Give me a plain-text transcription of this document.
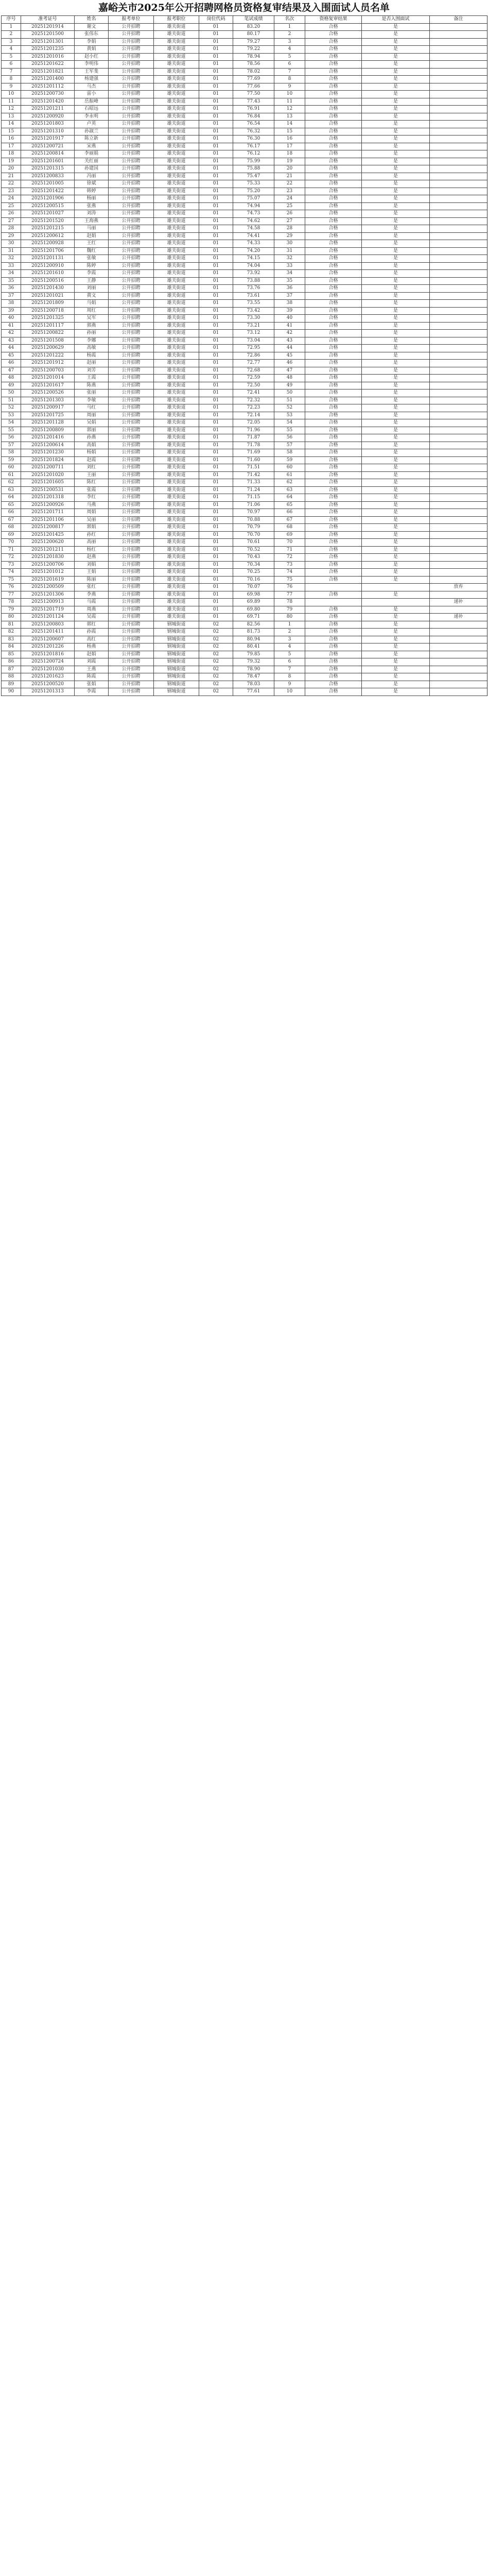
嘉峪关市2025年公开招聘网格员资格复审结果及入围面试人员名单
序号	准考证号	姓名	报考单位	报考职位	岗位代码	笔试成绩	名次	资格复审结果	是否入围面试	备注
1	20251201914	谢文	公开招聘	雄关街道	01	83.20	1	合格	是	
2	20251201500	张伟东	公开招聘	雄关街道	01	80.17	2	合格	是	
3	20251201301	李娟	公开招聘	雄关街道	01	79.27	3	合格	是	
4	20251201235	黄娟	公开招聘	雄关街道	01	79.22	4	合格	是	
5	20251201016	赵小红	公开招聘	雄关街道	01	78.94	5	合格	是	
6	20251201622	李明伟	公开招聘	雄关街道	01	78.56	6	合格	是	
7	20251201821	王军斐	公开招聘	雄关街道	01	78.02	7	合格	是	
8	20251201400	杨建强	公开招聘	雄关街道	01	77.69	8	合格	是	
9	20251201112	马杰	公开招聘	雄关街道	01	77.66	9	合格	是	
10	20251200730	雷小	公开招聘	雄关街道	01	77.50	10	合格	是	
11	20251201420	岳振峰	公开招聘	雄关街道	01	77.43	11	合格	是	
12	20251201211	石昭远	公开招聘	雄关街道	01	76.91	12	合格	是	
13	20251200920	李永明	公开招聘	雄关街道	01	76.84	13	合格	是	
14	20251201803	卢英	公开招聘	雄关街道	01	76.54	14	合格	是	
15	20251201310	孙淑兰	公开招聘	雄关街道	01	76.32	15	合格	是	
16	20251201917	陈立新	公开招聘	雄关街道	01	76.30	16	合格	是	
17	20251200721	宋燕	公开招聘	雄关街道	01	76.17	17	合格	是	
18	20251200814	李丽娟	公开招聘	雄关街道	01	76.12	18	合格	是	
19	20251201601	关红丽	公开招聘	雄关街道	01	75.99	19	合格	是	
20	20251201315	孙建国	公开招聘	雄关街道	01	75.88	20	合格	是	
21	20251200833	冯丽	公开招聘	雄关街道	01	75.47	21	合格	是	
22	20251201005	徐斌	公开招聘	雄关街道	01	75.33	22	合格	是	
23	20251201422	韩婷	公开招聘	雄关街道	01	75.20	23	合格	是	
24	20251201906	杨丽	公开招聘	雄关街道	01	75.07	24	合格	是	
25	20251200515	张燕	公开招聘	雄关街道	01	74.94	25	合格	是	
26	20251201027	刘涛	公开招聘	雄关街道	01	74.73	26	合格	是	
27	20251201520	王海燕	公开招聘	雄关街道	01	74.62	27	合格	是	
28	20251201215	马丽	公开招聘	雄关街道	01	74.58	28	合格	是	
29	20251200612	赵娟	公开招聘	雄关街道	01	74.41	29	合格	是	
30	20251200928	王红	公开招聘	雄关街道	01	74.33	30	合格	是	
31	20251201706	魏红	公开招聘	雄关街道	01	74.20	31	合格	是	
32	20251201131	张敏	公开招聘	雄关街道	01	74.15	32	合格	是	
33	20251200910	陈婷	公开招聘	雄关街道	01	74.04	33	合格	是	
34	20251201610	李霞	公开招聘	雄关街道	01	73.92	34	合格	是	
35	20251200516	王静	公开招聘	雄关街道	01	73.88	35	合格	是	
36	20251201430	刘丽	公开招聘	雄关街道	01	73.76	36	合格	是	
37	20251201021	黄文	公开招聘	雄关街道	01	73.61	37	合格	是	
38	20251201809	马娟	公开招聘	雄关街道	01	73.55	38	合格	是	
39	20251200718	周红	公开招聘	雄关街道	01	73.42	39	合格	是	
40	20251201325	吴军	公开招聘	雄关街道	01	73.30	40	合格	是	
41	20251201117	郭燕	公开招聘	雄关街道	01	73.21	41	合格	是	
42	20251200822	孙丽	公开招聘	雄关街道	01	73.12	42	合格	是	
43	20251201508	李娜	公开招聘	雄关街道	01	73.04	43	合格	是	
44	20251200629	高敏	公开招聘	雄关街道	01	72.95	44	合格	是	
45	20251201222	杨霞	公开招聘	雄关街道	01	72.86	45	合格	是	
46	20251201912	赵丽	公开招聘	雄关街道	01	72.77	46	合格	是	
47	20251200703	刘芳	公开招聘	雄关街道	01	72.68	47	合格	是	
48	20251201014	王霞	公开招聘	雄关街道	01	72.59	48	合格	是	
49	20251201617	陈燕	公开招聘	雄关街道	01	72.50	49	合格	是	
50	20251200526	张丽	公开招聘	雄关街道	01	72.41	50	合格	是	
51	20251201303	李敏	公开招聘	雄关街道	01	72.32	51	合格	是	
52	20251200917	马红	公开招聘	雄关街道	01	72.23	52	合格	是	
53	20251201725	周丽	公开招聘	雄关街道	01	72.14	53	合格	是	
54	20251201128	吴娟	公开招聘	雄关街道	01	72.05	54	合格	是	
55	20251200809	郭丽	公开招聘	雄关街道	01	71.96	55	合格	是	
56	20251201416	孙燕	公开招聘	雄关街道	01	71.87	56	合格	是	
57	20251200614	高娟	公开招聘	雄关街道	01	71.78	57	合格	是	
58	20251201230	杨娟	公开招聘	雄关街道	01	71.69	58	合格	是	
59	20251201824	赵霞	公开招聘	雄关街道	01	71.60	59	合格	是	
60	20251200711	刘红	公开招聘	雄关街道	01	71.51	60	合格	是	
61	20251201020	王丽	公开招聘	雄关街道	01	71.42	61	合格	是	
62	20251201605	陈红	公开招聘	雄关街道	01	71.33	62	合格	是	
63	20251200531	张霞	公开招聘	雄关街道	01	71.24	63	合格	是	
64	20251201318	李红	公开招聘	雄关街道	01	71.15	64	合格	是	
65	20251200926	马燕	公开招聘	雄关街道	01	71.06	65	合格	是	
66	20251201711	周娟	公开招聘	雄关街道	01	70.97	66	合格	是	
67	20251201106	吴丽	公开招聘	雄关街道	01	70.88	67	合格	是	
68	20251200817	郭娟	公开招聘	雄关街道	01	70.79	68	合格	是	
69	20251201425	孙红	公开招聘	雄关街道	01	70.70	69	合格	是	
70	20251200620	高丽	公开招聘	雄关街道	01	70.61	70	合格	是	
71	20251201211	杨红	公开招聘	雄关街道	01	70.52	71	合格	是	
72	20251201830	赵燕	公开招聘	雄关街道	01	70.43	72	合格	是	
73	20251200706	刘娟	公开招聘	雄关街道	01	70.34	73	合格	是	
74	20251201012	王娟	公开招聘	雄关街道	01	70.25	74	合格	是	
75	20251201619	陈丽	公开招聘	雄关街道	01	70.16	75	合格	是	
76	20251200509	张红	公开招聘	雄关街道	01	70.07	76			放弃
77	20251201306	李燕	公开招聘	雄关街道	01	69.98	77	合格	是	
78	20251200913	马霞	公开招聘	雄关街道	01	69.89	78			递补
79	20251201719	周燕	公开招聘	雄关街道	01	69.80	79	合格	是	
80	20251201124	吴霞	公开招聘	雄关街道	01	69.71	80	合格	是	递补
81	20251200803	郭红	公开招聘	钢城街道	02	82.56	1	合格	是	
82	20251201411	孙霞	公开招聘	钢城街道	02	81.73	2	合格	是	
83	20251200607	高红	公开招聘	钢城街道	02	80.94	3	合格	是	
84	20251201226	杨燕	公开招聘	钢城街道	02	80.41	4	合格	是	
85	20251201816	赵娟	公开招聘	钢城街道	02	79.85	5	合格	是	
86	20251200724	刘霞	公开招聘	钢城街道	02	79.32	6	合格	是	
87	20251201030	王燕	公开招聘	钢城街道	02	78.90	7	合格	是	
88	20251201623	陈霞	公开招聘	钢城街道	02	78.47	8	合格	是	
89	20251200520	张娟	公开招聘	钢城街道	02	78.03	9	合格	是	
90	20251201313	李霞	公开招聘	钢城街道	02	77.61	10	合格	是	
